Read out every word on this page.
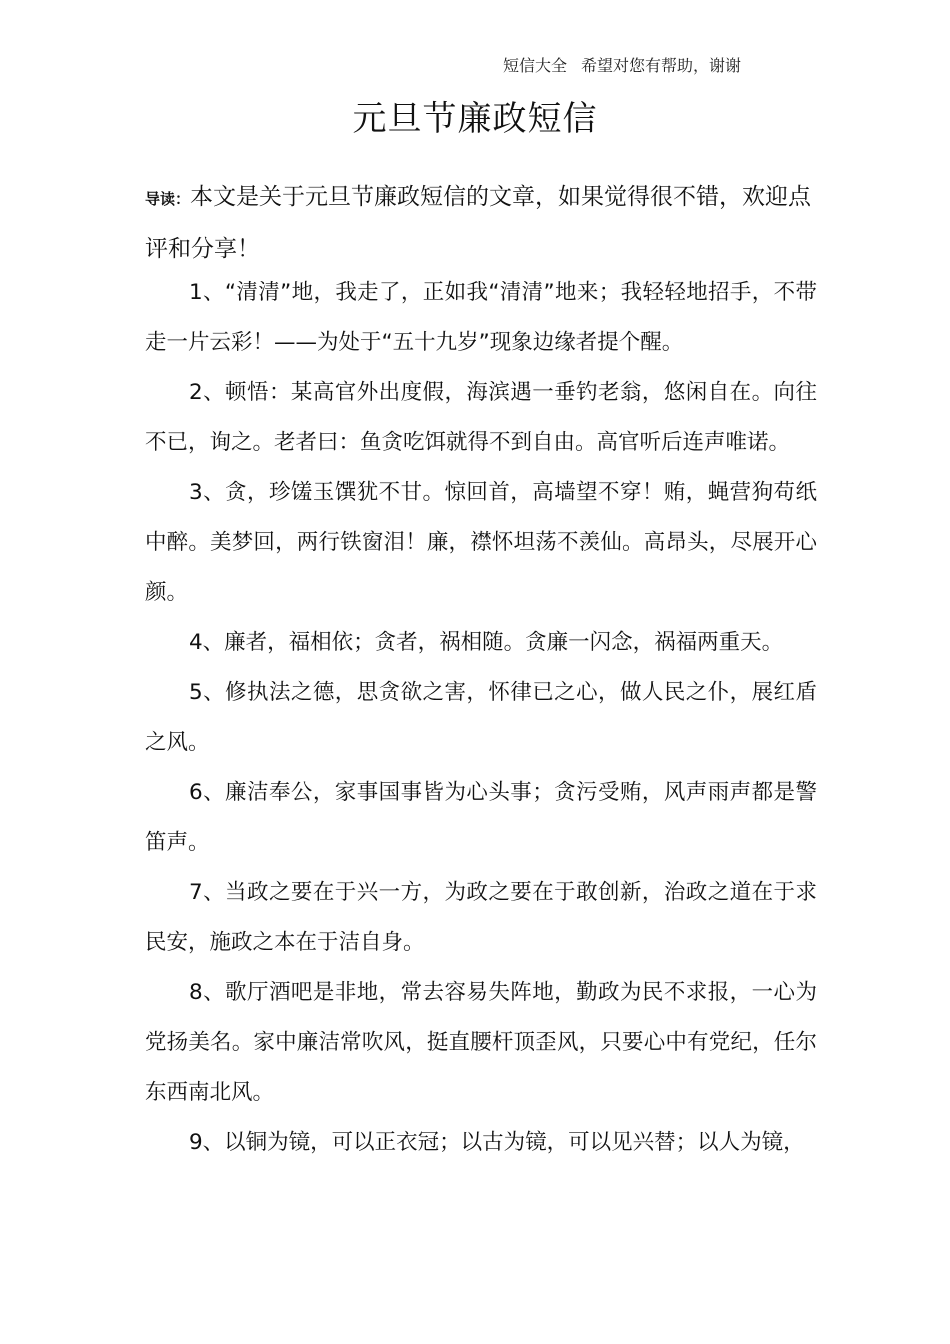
短信大全 希望对您有帮助，谢谢
元旦节廉政短信
导读：本文是关于元旦节廉政短信的文章，如果觉得很不错，欢迎点评和分享！

1、“清清”地，我走了，正如我“清清”地来；我轻轻地招手，不带走一片云彩！——为处于“五十九岁”现象边缘者提个醒。

2、顿悟：某高官外出度假，海滨遇一垂钓老翁，悠闲自在。向往不已，询之。老者曰：鱼贪吃饵就得不到自由。高官听后连声唯诺。

3、贪，珍馐玉馔犹不甘。惊回首，高墙望不穿！贿，蝇营狗苟纸中醉。美梦回，两行铁窗泪！廉，襟怀坦荡不羡仙。高昂头，尽展开心颜。

4、廉者，福相依；贪者，祸相随。贪廉一闪念，祸福两重天。

5、修执法之德，思贪欲之害，怀律已之心，做人民之仆，展红盾之风。

6、廉洁奉公，家事国事皆为心头事；贪污受贿，风声雨声都是警笛声。

7、当政之要在于兴一方，为政之要在于敢创新，治政之道在于求民安，施政之本在于洁自身。

8、歌厅酒吧是非地，常去容易失阵地，勤政为民不求报，一心为党扬美名。家中廉洁常吹风，挺直腰杆顶歪风，只要心中有党纪，任尔东西南北风。

9、以铜为镜，可以正衣冠；以古为镜，可以见兴替；以人为镜，
